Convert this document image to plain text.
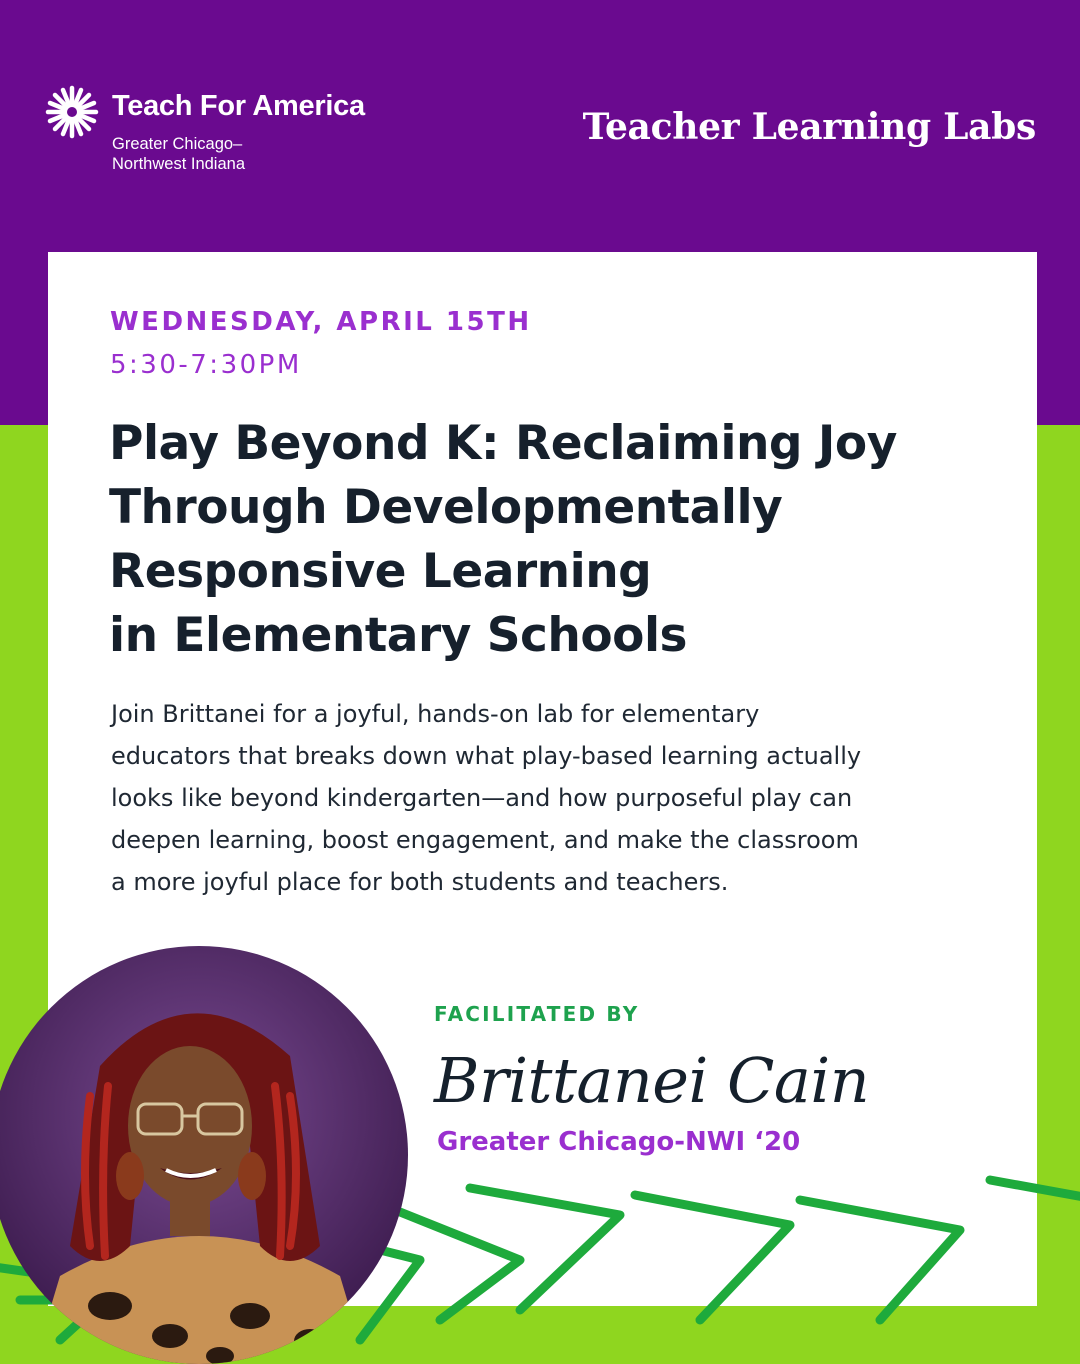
Teach For America
Greater Chicago–
Northwest Indiana
Teacher Learning Labs
WEDNESDAY, APRIL 15TH
5:30-7:30PM
Play Beyond K: Reclaiming Joy
Through Developmentally
Responsive Learning
in Elementary Schools
Join Brittanei for a joyful, hands-on lab for elementary
educators that breaks down what play-based learning actually
looks like beyond kindergarten—and how purposeful play can
deepen learning, boost engagement, and make the classroom
a more joyful place for both students and teachers.
FACILITATED BY
Brittanei Cain
Greater Chicago-NWI ‘20
